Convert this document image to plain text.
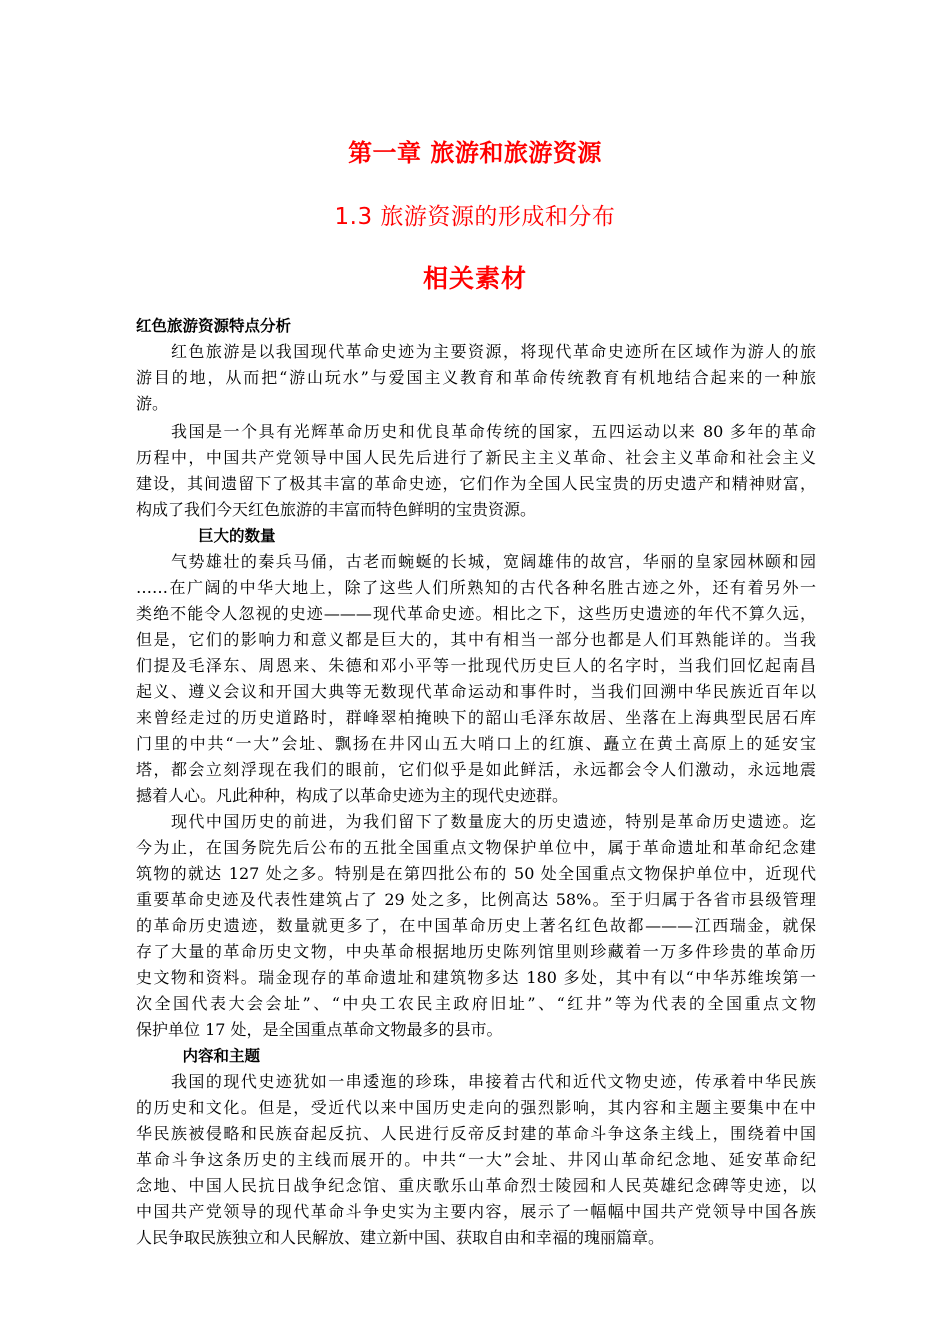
第一章 旅游和旅游资源
1.3 旅游资源的形成和分布
相关素材
红色旅游资源特点分析
　　红色旅游是以我国现代革命史迹为主要资源，将现代革命史迹所在区域作为游人的旅
游目的地，从而把“游山玩水”与爱国主义教育和革命传统教育有机地结合起来的一种旅
游。
　　我国是一个具有光辉革命历史和优良革命传统的国家，五四运动以来 80 多年的革命
历程中，中国共产党领导中国人民先后进行了新民主主义革命、社会主义革命和社会主义
建设，其间遗留下了极其丰富的革命史迹，它们作为全国人民宝贵的历史遗产和精神财富，
构成了我们今天红色旅游的丰富而特色鲜明的宝贵资源。
　　　　巨大的数量
　　气势雄壮的秦兵马俑，古老而蜿蜒的长城，宽阔雄伟的故宫，华丽的皇家园林颐和园
……在广阔的中华大地上，除了这些人们所熟知的古代各种名胜古迹之外，还有着另外一
类绝不能令人忽视的史迹———现代革命史迹。相比之下，这些历史遗迹的年代不算久远，
但是，它们的影响力和意义都是巨大的，其中有相当一部分也都是人们耳熟能详的。当我
们提及毛泽东、周恩来、朱德和邓小平等一批现代历史巨人的名字时，当我们回忆起南昌
起义、遵义会议和开国大典等无数现代革命运动和事件时，当我们回溯中华民族近百年以
来曾经走过的历史道路时，群峰翠柏掩映下的韶山毛泽东故居、坐落在上海典型民居石库
门里的中共“一大”会址、飘扬在井冈山五大哨口上的红旗、矗立在黄土高原上的延安宝
塔，都会立刻浮现在我们的眼前，它们似乎是如此鲜活，永远都会令人们激动，永远地震
撼着人心。凡此种种，构成了以革命史迹为主的现代史迹群。
　　现代中国历史的前进，为我们留下了数量庞大的历史遗迹，特别是革命历史遗迹。迄
今为止，在国务院先后公布的五批全国重点文物保护单位中，属于革命遗址和革命纪念建
筑物的就达 127 处之多。特别是在第四批公布的 50 处全国重点文物保护单位中，近现代
重要革命史迹及代表性建筑占了 29 处之多，比例高达 58%。至于归属于各省市县级管理
的革命历史遗迹，数量就更多了，在中国革命历史上著名红色故都———江西瑞金，就保
存了大量的革命历史文物，中央革命根据地历史陈列馆里则珍藏着一万多件珍贵的革命历
史文物和资料。瑞金现存的革命遗址和建筑物多达 180 多处，其中有以“中华苏维埃第一
次全国代表大会会址”、“中央工农民主政府旧址”、“红井”等为代表的全国重点文物
保护单位 17 处，是全国重点革命文物最多的县市。
　　　内容和主题
　　我国的现代史迹犹如一串逶迤的珍珠，串接着古代和近代文物史迹，传承着中华民族
的历史和文化。但是，受近代以来中国历史走向的强烈影响，其内容和主题主要集中在中
华民族被侵略和民族奋起反抗、人民进行反帝反封建的革命斗争这条主线上，围绕着中国
革命斗争这条历史的主线而展开的。中共“一大”会址、井冈山革命纪念地、延安革命纪
念地、中国人民抗日战争纪念馆、重庆歌乐山革命烈士陵园和人民英雄纪念碑等史迹，以
中国共产党领导的现代革命斗争史实为主要内容，展示了一幅幅中国共产党领导中国各族
人民争取民族独立和人民解放、建立新中国、获取自由和幸福的瑰丽篇章。
